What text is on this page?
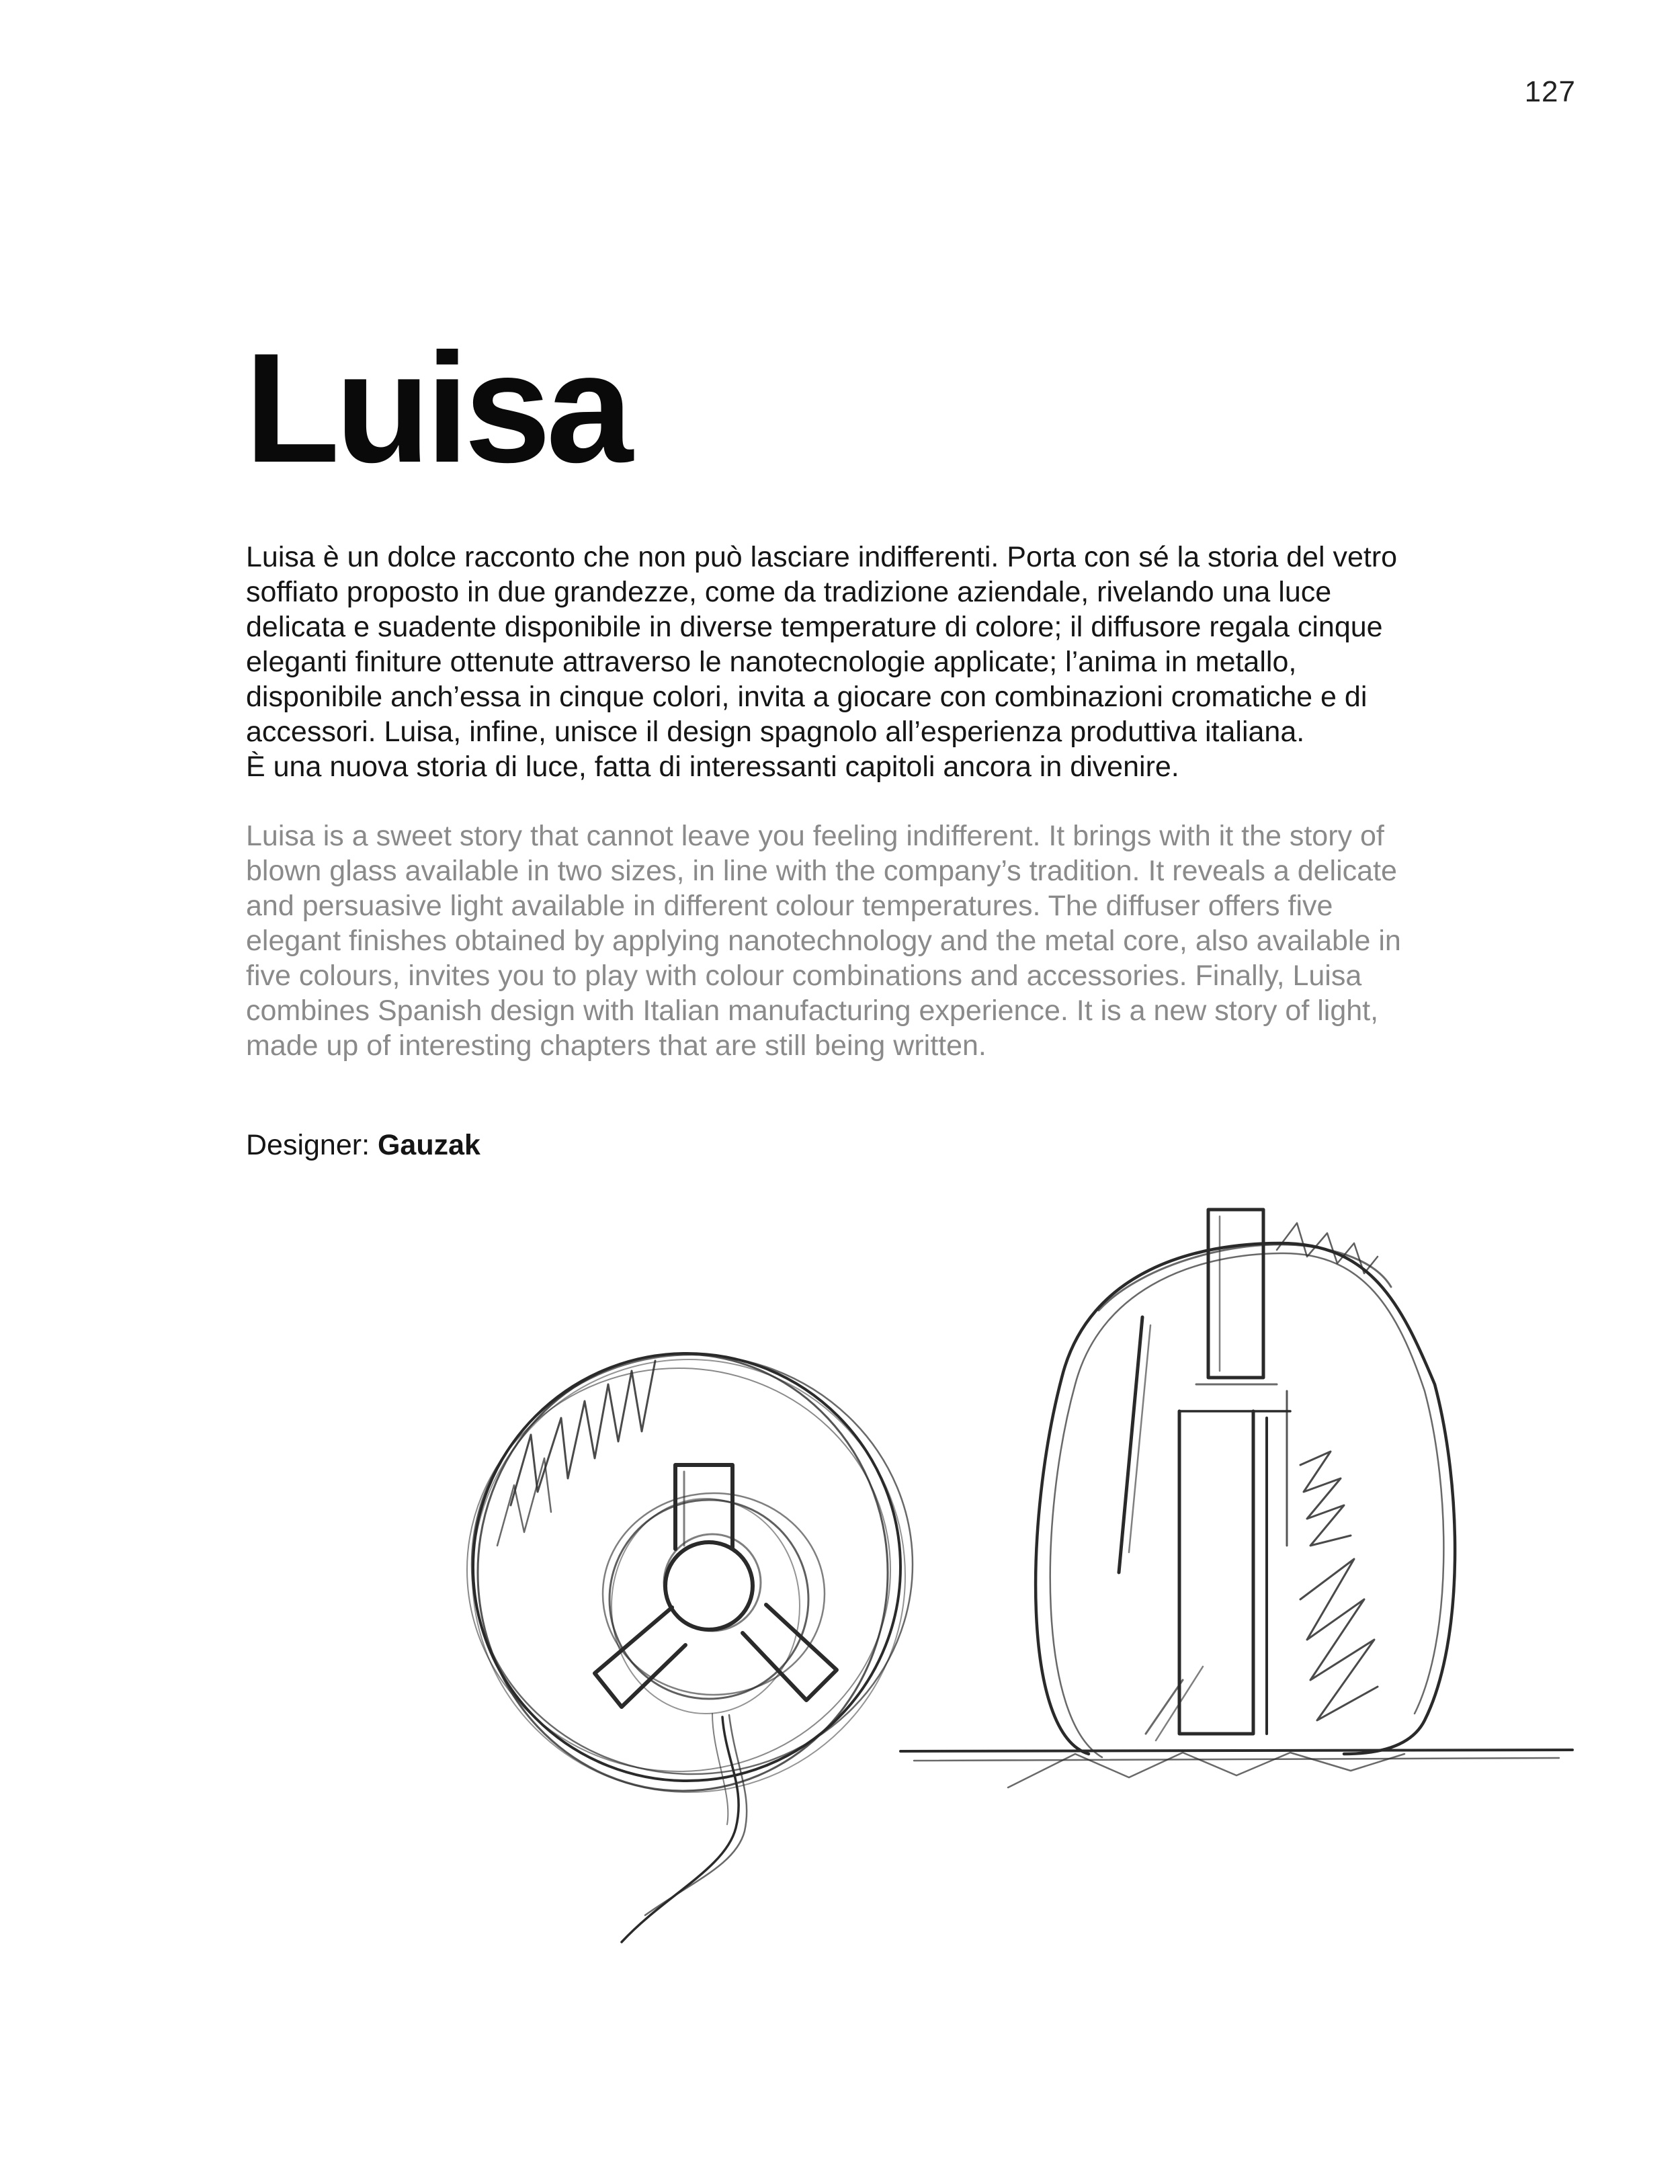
127
Luisa

Luisa è un dolce racconto che non può lasciare indifferenti. Porta con sé la storia del vetro soffiato proposto in due grandezze, come da tradizione aziendale, rivelando una luce delicata e suadente disponibile in diverse temperature di colore; il diffusore regala cinque eleganti finiture ottenute attraverso le nanotecnologie applicate; l’anima in metallo, disponibile anch’essa in cinque colori, invita a giocare con combinazioni cromatiche e di accessori. Luisa, infine, unisce il design spagnolo all’esperienza produttiva italiana.
È una nuova storia di luce, fatta di interessanti capitoli ancora in divenire.

Luisa is a sweet story that cannot leave you feeling indifferent. It brings with it the story of blown glass available in two sizes, in line with the company’s tradition. It reveals a delicate and persuasive light available in different colour temperatures. The diffuser offers five elegant finishes obtained by applying nanotechnology and the metal core, also available in five colours, invites you to play with colour combinations and accessories. Finally, Luisa combines Spanish design with Italian manufacturing experience. It is a new story of light, made up of interesting chapters that are still being written.

Designer: Gauzak
